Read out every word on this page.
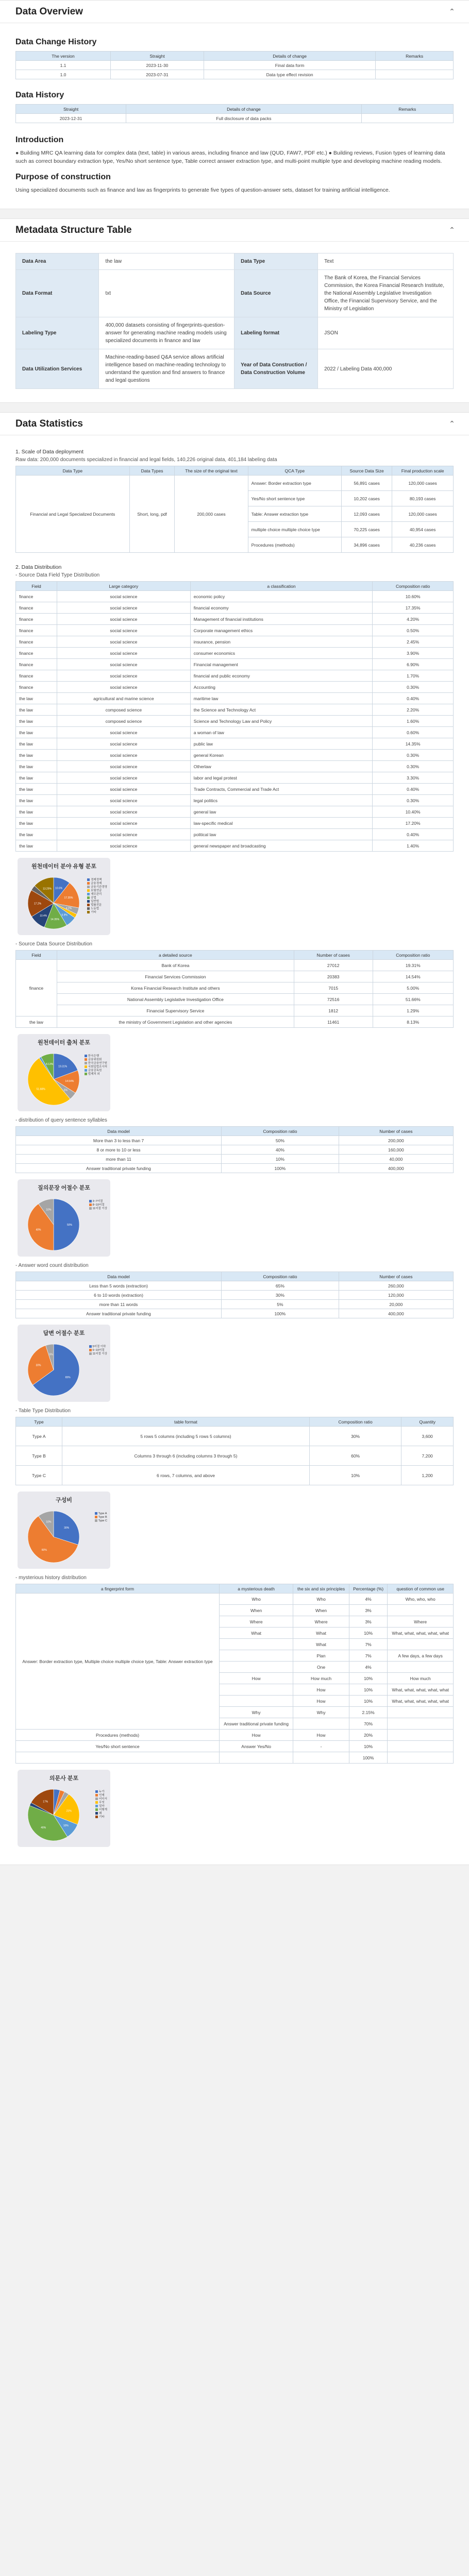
Data Overview	⌃
Data Change History
The version	Straight	Details of change	Remarks
1.1	2023-11-30	Final data form	
1.0	2023-07-31	Data type effect revision	
Data History
Straight	Details of change	Remarks
2023-12-31	Full disclosure of data packs	
Introduction

● Building MRC QA learning data for complex data (text, table) in various areas, including finance and law (QUD, FAW7, PDF etc.) ● Building reviews, Fusion types of learning data such as correct boundary extraction type, Yes/No short sentence type, Table correct answer extraction type, and multi-point multiple type and developing machine reading models.

Purpose of construction

Using specialized documents such as finance and law as fingerprints to generate five types of question-answer sets, dataset for training artificial intelligence.

Metadata Structure Table	⌃
Data Area	the law	Data Type	Text
Data Format	txt	Data Source	The Bank of Korea, the Financial Services Commission, the Korea Financial Research Institute, the National Assembly Legislative Investigation Office, the Financial Supervisory Service, and the Ministry of Legislation
Labeling Type	400,000 datasets consisting of fingerprints-question-answer for generating machine reading models using specialized documents in finance and law	Labeling format	JSON
Data Utilization Services	Machine-reading-based Q&A service allows artificial intelligence based on machine-reading technology to understand the question and find answers to finance and legal questions	Year of Data Construction / Data Construction Volume	2022 / Labeling Data 400,000
Data Statistics	⌃
1. Scale of Data deployment
Raw data: 200,000 documents specialized in financial and legal fields, 140,226 original data, 401,184 labeling data
Data Type	Data Types	The size of the original text	QCA Type	Source Data Size	Final production scale
Financial and Legal Specialized Documents	Short, long, pdf	200,000 cases	Answer: Border extraction type	56,891 cases	120,000 cases
			Yes/No short sentence type	10,202 cases	80,193 cases
			Table: Answer extraction type	12,093 cases	120,000 cases
			multiple choice multiple choice type	70,225 cases	40,954 cases
			Procedures (methods)	34,896 cases	40,236 cases
2. Data Distribution
- Source Data Field Type Distribution
Field	Large category	a classification	Composition ratio
finance	social science	economic policy	10.60%
finance	social science	financial economy	17.35%
finance	social science	Management of financial institutions	4.20%
finance	social science	Corporate management ethics	0.50%
finance	social science	insurance, pension	2.45%
finance	social science	consumer economics	3.90%
finance	social science	Financial management	6.90%
finance	social science	financial and public economy	1.70%
finance	social science	Accounting	0.30%
the law	agricultural and marine science	maritime law	0.40%
the law	composed science	the Science and Technology Act	2.20%
the law	composed science	Science and Technology Law and Policy	1.60%
the law	social science	a woman of law	0.60%
the law	social science	public law	14.35%
the law	social science	general Korean	0.30%
the law	social science	Otherlaw	0.30%
the law	social science	labor and legal protest	3.30%
the law	social science	Trade Contracts, Commercial and Trade Act	0.40%
the law	social science	legal politics	0.30%
the law	social science	general law	10.40%
the law	social science	law-specific medical	17.20%
the law	social science	political law	0.40%
the law	social science	general newspaper and broadcasting	1.40%
원천데이터 분야 유형 분포
10.6%
17.35%
4.2%
6.9%
14.35%
10.4%
17.2%
13.25%
경제정책
금융경제
금융기관경영
보험연금
재무관리
공법
일반법
법률전문
노동법
기타
- Source Data Source Distribution
Field	a detailed source	Number of cases	Composition ratio
finance	Bank of Korea	27012	19.31%
	Financial Services Commission	20383	14.54%
	Korea Financial Research Institute and others	7015	5.00%
	National Assembly Legislative Investigation Office	72516	51.66%
	Financial Supervisory Service	1812	1.29%
the law	the ministry of Government Legislation and other agencies	11461	8.13%
원천데이터 출처 분포
19.31%
14.54%
5%
51.66%
8.13%
한국은행
금융위원회
한국금융연구원
국회입법조사처
금융감독원
법제처 외
- distribution of query sentence syllables
Data model	Composition ratio	Number of cases
More than 3 to less than 7	50%	200,000
8 or more to 10 or less	40%	160,000
more than 11	10%	40,000
Answer traditional private funding	100%	400,000
질의문장 어절수 분포
50%
40%
10%
3~7어절
8~10어절
11어절 이상
- Answer word count distribution
Data model	Composition ratio	Number of cases
Less than 5 words (extraction)	65%	260,000
6 to 10 words (extraction)	30%	120,000
more than 11 words	5%	20,000
Answer traditional private funding	100%	400,000
답변 어절수 분포
65%
30%
5%
5어절 이하
6~10어절
11어절 이상
- Table Type Distribution
Type	table format	Composition ratio	Quantity
Type A	5 rows 5 columns (including 5 rows 5 columns)	30%	3,600
Type B	Columns 3 through 6 (including columns 3 through 5)	60%	7,200
Type C	6 rows, 7 columns, and above	10%	1,200
구성비
30%
60%
10%
Type A
Type B
Type C
- mysterious history distribution
a fingerprint form	a mysterious death	the six and six principles	Percentage (%)	question of common use
Answer: Border extraction type, Multiple choice multiple choice type, Table: Answer extraction type	Who	Who	4%	Who, who, who
	When	When	3%	
	Where	Where	3%	Where
	What	What	10%	What, what, what, what, what
		What	7%	
		Plan	7%	A few days, a few days
		One	4%	
	How	How much	10%	How much
		How	10%	What, what, what, what, what
		How	10%	What, what, what, what, what
	Why	Why	2.15%	
	Answer traditional private funding		70%	
Procedures (methods)	How	How	20%	
Yes/No short sentence	Answer Yes/No	-	10%	
			100%	
의문사 분포
21%
10%
40%
17%
누가
언제
어디서
무엇
얼마
어떻게
왜
기타
